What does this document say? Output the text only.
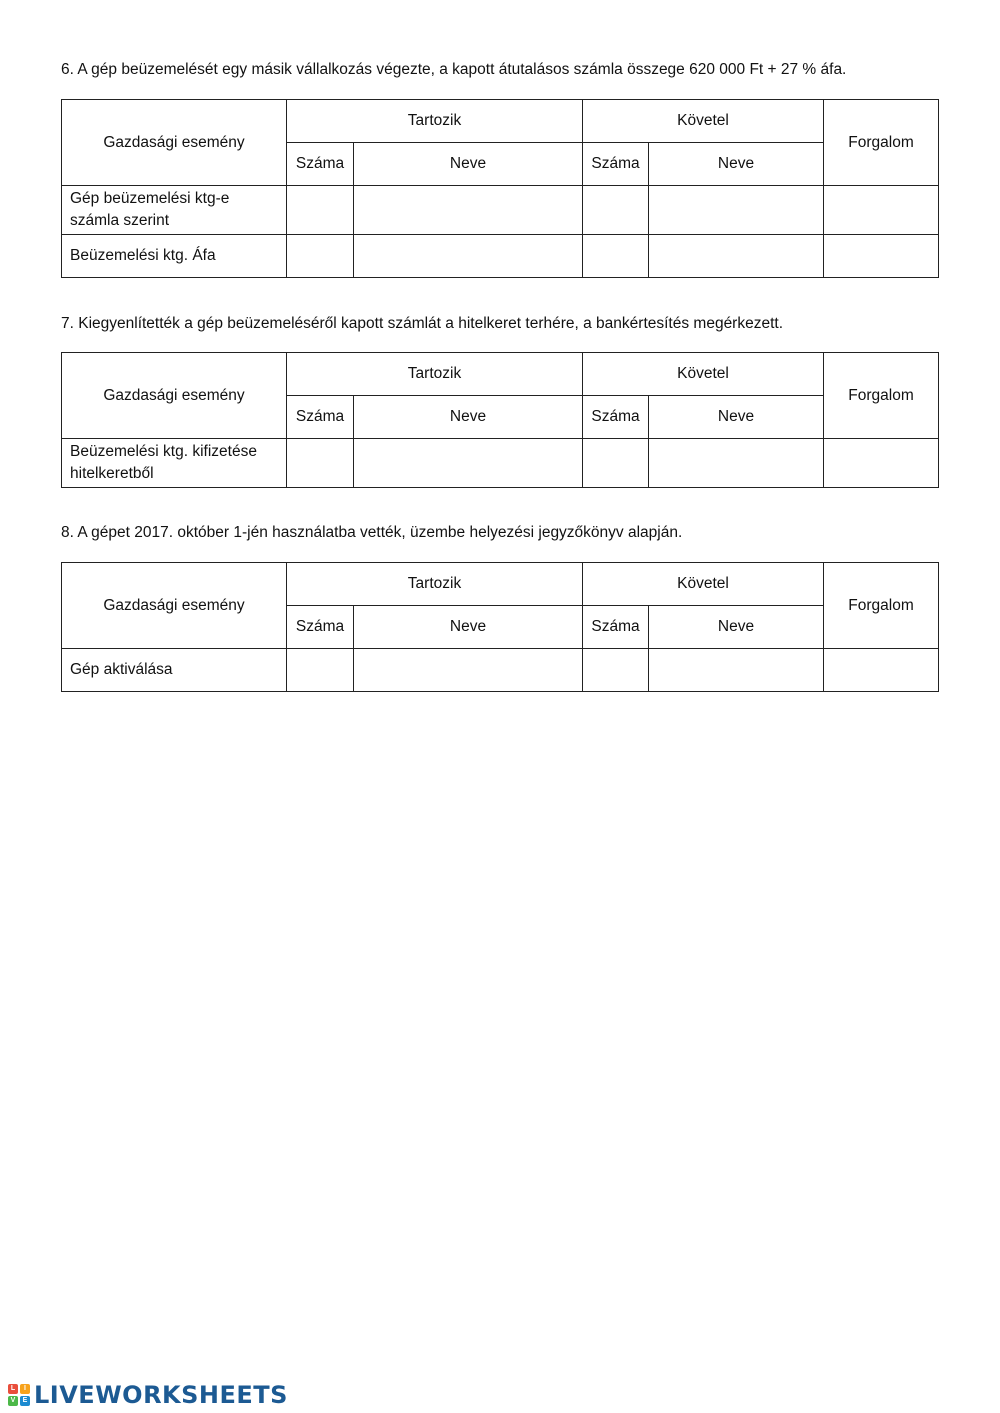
6. A gép beüzemelését egy másik vállalkozás végezte, a kapott átutalásos számla összege 620 000 Ft + 27 % áfa.
Gazdasági esemény	Tartozik		Követel		Forgalom
	Száma	Neve	Száma	Neve	
Gép beüzemelési ktg-e számla szerint					
Beüzemelési ktg. Áfa					
7. Kiegyenlítették a gép beüzemeléséről kapott számlát a hitelkeret terhére, a bankértesítés megérkezett.
Gazdasági esemény	Tartozik		Követel		Forgalom
	Száma	Neve	Száma	Neve	
Beüzemelési ktg. kifizetése hitelkeretből					
8. A gépet 2017. október 1-jén használatba vették, üzembe helyezési jegyzőkönyv alapján.
Gazdasági esemény	Tartozik		Követel		Forgalom
	Száma	Neve	Száma	Neve	
Gép aktiválása					
L	I
V	E LIVEWORKSHEETS
